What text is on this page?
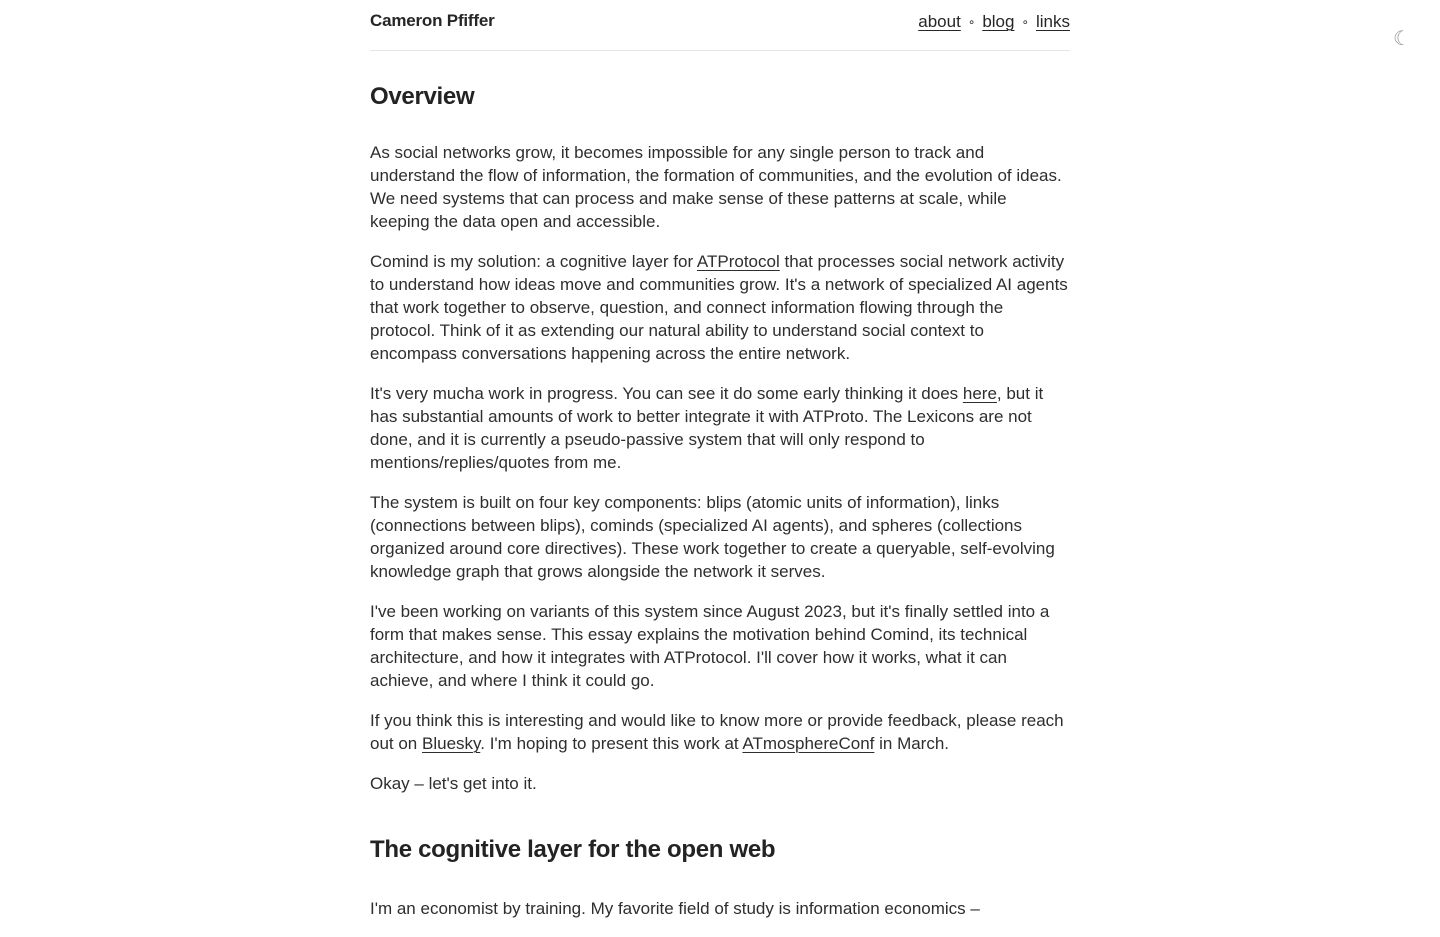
☾
Cameron Pfiffer	about ∘ blog ∘ links
Overview

As social networks grow, it becomes impossible for any single person to track and understand the flow of information, the formation of communities, and the evolution of ideas. We need systems that can process and make sense of these patterns at scale, while keeping the data open and accessible.

Comind is my solution: a cognitive layer for ATProtocol that processes social network activity to understand how ideas move and communities grow. It's a network of specialized AI agents that work together to observe, question, and connect information flowing through the protocol. Think of it as extending our natural ability to understand social context to encompass conversations happening across the entire network.

It's very mucha work in progress. You can see it do some early thinking it does here, but it has substantial amounts of work to better integrate it with ATProto. The Lexicons are not done, and it is currently a pseudo-passive system that will only respond to mentions/replies/quotes from me.

The system is built on four key components: blips (atomic units of information), links (connections between blips), cominds (specialized AI agents), and spheres (collections organized around core directives). These work together to create a queryable, self-evolving knowledge graph that grows alongside the network it serves.

I've been working on variants of this system since August 2023, but it's finally settled into a form that makes sense. This essay explains the motivation behind Comind, its technical architecture, and how it integrates with ATProtocol. I'll cover how it works, what it can achieve, and where I think it could go.

If you think this is interesting and would like to know more or provide feedback, please reach out on Bluesky. I'm hoping to present this work at ATmosphereConf in March.

Okay – let's get into it.

The cognitive layer for the open web

I'm an economist by training. My favorite field of study is information economics –
